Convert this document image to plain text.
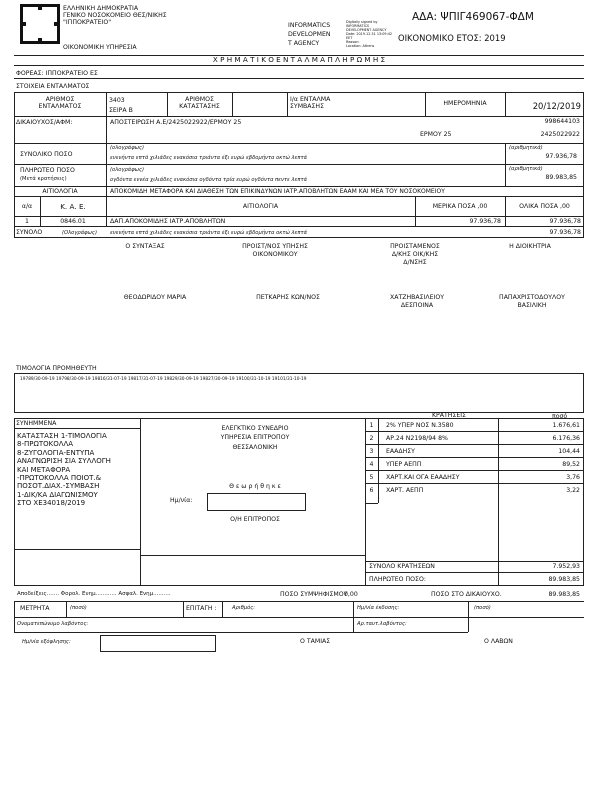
ΕΛΛΗΝΙΚΗ ΔΗΜΟΚΡΑΤΙΑ
ΓΕΝΙΚΟ ΝΟΣΟΚΟΜΕΙΟ ΘΕΣ/ΝΙΚΗΣ
"ΙΠΠΟΚΡΑΤΕΙΟ"
ΟΙΚΟΝΟΜΙΚΗ ΥΠΗΡΕΣΙΑ
INFORMATICS
DEVELOPMEN
T AGENCY
Digitally signed by
INFORMATICS
DEVELOPMENT AGENCY
Date: 2019.12.31 13:09:42
EET
Reason:
Location: Athens
ΑΔΑ: ΨΠΙΓ469067-ΦΔΜ
ΟΙΚΟΝΟΜΙΚΟ ΕΤΟΣ: 2019
Χ Ρ Η Μ Α Τ Ι Κ Ο Ε Ν Τ Α Λ Μ Α Π Λ Η Ρ Ω Μ Η Σ
ΦΟΡΕΑΣ: ΙΠΠΟΚΡΑΤΕΙΟ ΕΣ
ΣΤΟΙΧΕΙΑ ΕΝΤΑΛΜΑΤΟΣ
ΑΡΙΘΜΟΣ
ΕΝΤΑΛΜΑΤΟΣ
3403
ΣΕΙΡΑ Β
ΑΡΙΘΜΟΣ
ΚΑΤΑΣΤΑΣΗΣ
Ι/α ΕΝΤΑΛΜΑ
ΣΥΜΒΑΣΗΣ	ΗΜΕΡΟΜΗΝΙΑ	20/12/2019
ΔΙΚΑΙΟΥΧΟΣ/ΑΦΜ:	ΑΠΟΣΤΕΙΡΩΣΗ Α.Ε/2425022922/ΕΡΜΟΥ 25	998644103
ΕΡΜΟΥ 25	2425022922
ΣΥΝΟΛΙΚΟ ΠΟΣΟ
(ολογράφως)
ενενήντα επτά χιλιάδες ενακόσια τριάντα έξι ευρώ εβδομήντα οκτώ λεπτά
(αριθμητικά)
97.936,78
ΠΛΗΡΩΤΕΟ ΠΟΣΟ
(Μετά κρατήσεις)
(ολογράφως)
ογδόντα εννέα χιλιάδες ενακόσια ογδόντα τρία ευρώ ογδόντα πεντε λεπτά
(αριθμητικά)
89.983,85
ΑΙΤΙΟΛΟΓΙΑ	ΑΠΟΚΟΜΙΔΗ ΜΕΤΑΦΟΡΑ ΚΑΙ ΔΙΑΘΕΣΗ ΤΩΝ ΕΠΙΚΙΝΔΥΝΩΝ ΙΑΤΡ.ΑΠΟΒΛΗΤΩΝ ΕΑΑΜ ΚΑΙ ΜΕΑ ΤΟΥ ΝΟΣΟΚΟΜΕΙΟΥ
α/α	Κ. Α. Ε.	ΑΙΤΙΟΛΟΓΙΑ	ΜΕΡΙΚΑ ΠΟΣΑ ,00	ΟΛΙΚΑ ΠΟΣΑ ,00
1	0846.01	ΔΑΠ.ΑΠΟΚΟΜΙΔΗΣ ΙΑΤΡ.ΑΠΟΒΛΗΤΩΝ	97.936,78	97.936,78
ΣΥΝΟΛΟ	(Ολογράφως)	ενενήντα επτά χιλιάδες ενακόσια τριάντα έξι ευρώ εβδομήντα οκτώ λεπτά	97.936,78
Ο ΣΥΝΤΑΞΑΣ	ΠΡΟΙΣΤ/ΝΟΣ ΥΠΗΣΗΣ
ΟΙΚΟΝΟΜΙΚΟΥ
ΠΡΟΙΣΤΑΜΕΝΟΣ
Δ/ΚΗΣ ΟΙΚ/ΚΗΣ
Δ/ΝΣΗΣ
Η ΔΙΟΙΚΗΤΡΙΑ
ΘΕΟΔΩΡΙΔΟΥ ΜΑΡΙΑ	ΠΕΤΚΑΡΗΣ ΚΩΝ/ΝΟΣ	ΧΑΤΖΗΒΑΣΙΛΕΙΟΥ
ΔΕΣΠΟΙΝΑ
ΠΑΠΑΧΡΙΣΤΟΔΟΥΛΟΥ
ΒΑΣΙΛΙΚΗ
ΤΙΜΟΛΟΓΙΑ ΠΡΟΜΗΘΕΥΤΗ
19789/30-09-19 19798/30-09-19 19816/31-07-19 19817/31-07-19 19829/30-09-19 19827/30-09-19 19100/31-10-19 19101/31-10-19
ΣΥΝΗΜΜΕΝΑ
ΚΡΑΤΗΣΕΙΣ	ποσό
ΚΑΤΑΣΤΑΣΗ 1-ΤΙΜΟΛΟΓΙΑ
8-ΠΡΩΤΟΚΟΛΛΑ
8-ΖΥΓΟΛΟΓΙΑ-ΕΝΤΥΠΑ
ΑΝΑΓΝΩΡΙΣΗ ΣΙΑ ΣΥΛΛΟΓΗ
ΚΑΙ ΜΕΤΑΦΟΡΑ
-ΠΡΩΤΟΚΟΛΛΑ ΠΟΙΟΤ.&
ΠΟΣΟΤ.ΔΙΑΧ.-ΣΥΜΒΑΣΗ
1-ΔΙΚ/ΚΑ ΔΙΑΓΩΝΙΣΜΟΥ
ΣΤΟ ΧΕ34018/2019
ΕΛΕΓΚΤΙΚΟ ΣΥΝΕΔΡΙΟ
ΥΠΗΡΕΣΙΑ ΕΠΙΤΡΟΠΟΥ
ΘΕΣΣΑΛΟΝΙΚΗ
Θ ε ω ρ ή θ η κ ε
Ημ/νία:
Ο/Η ΕΠΙΤΡΟΠΟΣ
1	2% ΥΠΕΡ ΝΟΣ Ν.3580	1.676,61
2	ΑΡ.24 Ν2198/94 8%	6.176,36
3	ΕΑΑΔΗΣΥ	104,44
4	ΥΠΕΡ ΑΕΠΠ	89,52
5	ΧΑΡΤ.ΚΑΙ ΟΓΑ ΕΑΑΔΗΣΥ	3,76
6	ΧΑΡΤ. ΑΕΠΠ	3,22
ΣΥΝΟΛΟ ΚΡΑΤΗΣΕΩΝ	7.952,93
ΠΛΗΡΩΤΕΟ ΠΟΣΟ:	89.983,85
Αποδείξεις....... Φορολ. Ενημ............ Ασφαλ. Ενημ..........	ΠΟΣΟ ΣΥΜΨΗΦΙΣΜΟΥ
0,00	ΠΟΣΟ ΣΤΟ ΔΙΚΑΙΟΥΧΟ.	89.983,85
ΜΕΤΡΗΤΑ	(ποσό)	ΕΠΙΤΑΓΗ :	Αριθμός:	Ημ/νία έκδοσης:	(ποσό)
Ονοματεπώνυμο λαβόντος:	Αρ.ταυτ.λαβόντος:
Ημ/νία εξόφλησης:	Ο ΤΑΜΙΑΣ	Ο ΛΑΒΩΝ
